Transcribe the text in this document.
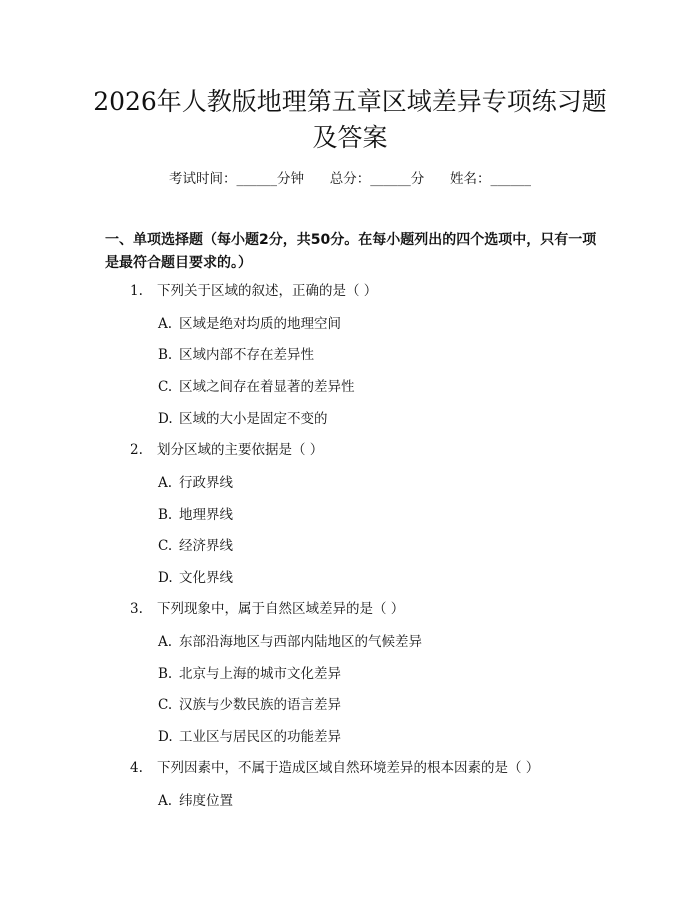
2026年人教版地理第五章区域差异专项练习题及答案
考试时间：______分钟      总分：______分      姓名：______
一、单项选择题（每小题2分，共50分。在每小题列出的四个选项中，只有一项是最符合题目要求的。）
1. 下列关于区域的叙述，正确的是（ ）
A. 区域是绝对均质的地理空间
B. 区域内部不存在差异性
C. 区域之间存在着显著的差异性
D. 区域的大小是固定不变的
2. 划分区域的主要依据是（ ）
A. 行政界线
B. 地理界线
C. 经济界线
D. 文化界线
3. 下列现象中，属于自然区域差异的是（ ）
A. 东部沿海地区与西部内陆地区的气候差异
B. 北京与上海的城市文化差异
C. 汉族与少数民族的语言差异
D. 工业区与居民区的功能差异
4. 下列因素中，不属于造成区域自然环境差异的根本因素的是（ ）
A. 纬度位置
